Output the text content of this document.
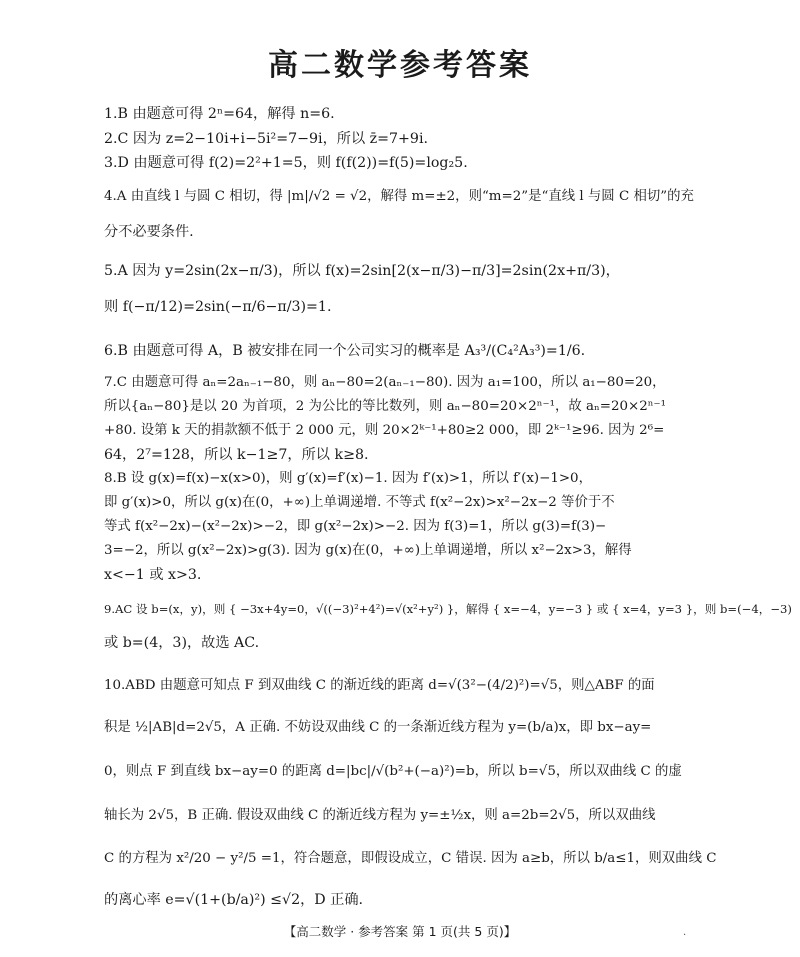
高二数学参考答案
1.B 由题意可得 2ⁿ=64，解得 n=6.
2.C 因为 z=2−10i+i−5i²=7−9i，所以 z̄=7+9i.
3.D 由题意可得 f(2)=2²+1=5，则 f(f(2))=f(5)=log₂5.
4.A 由直线 l 与圆 C 相切，得 |m|/√2 = √2，解得 m=±2，则“m=2”是“直线 l 与圆 C 相切”的充
分不必要条件.
5.A 因为 y=2sin(2x−π/3)，所以 f(x)=2sin[2(x−π/3)−π/3]=2sin(2x+π/3)，
则 f(−π/12)=2sin(−π/6−π/3)=1.
6.B 由题意可得 A，B 被安排在同一个公司实习的概率是 A₃³/(C₄²A₃³)=1/6.
7.C 由题意可得 aₙ=2aₙ₋₁−80，则 aₙ−80=2(aₙ₋₁−80). 因为 a₁=100，所以 a₁−80=20，
所以{aₙ−80}是以 20 为首项，2 为公比的等比数列，则 aₙ−80=20×2ⁿ⁻¹，故 aₙ=20×2ⁿ⁻¹
+80. 设第 k 天的捐款额不低于 2 000 元，则 20×2ᵏ⁻¹+80≥2 000，即 2ᵏ⁻¹≥96. 因为 2⁶=
64，2⁷=128，所以 k−1≥7，所以 k≥8.
8.B 设 g(x)=f(x)−x(x>0)，则 g′(x)=f′(x)−1. 因为 f′(x)>1，所以 f′(x)−1>0，
即 g′(x)>0，所以 g(x)在(0，+∞)上单调递增. 不等式 f(x²−2x)>x²−2x−2 等价于不
等式 f(x²−2x)−(x²−2x)>−2，即 g(x²−2x)>−2. 因为 f(3)=1，所以 g(3)=f(3)−
3=−2，所以 g(x²−2x)>g(3). 因为 g(x)在(0，+∞)上单调递增，所以 x²−2x>3，解得
x<−1 或 x>3.
9.AC 设 b=(x，y)，则 { −3x+4y=0，√((−3)²+4²)=√(x²+y²) }，解得 { x=−4，y=−3 } 或 { x=4，y=3 }，则 b=(−4，−3)
或 b=(4，3)，故选 AC.
10.ABD 由题意可知点 F 到双曲线 C 的渐近线的距离 d=√(3²−(4/2)²)=√5，则△ABF 的面
积是 ½|AB|d=2√5，A 正确. 不妨设双曲线 C 的一条渐近线方程为 y=(b/a)x，即 bx−ay=
0，则点 F 到直线 bx−ay=0 的距离 d=|bc|/√(b²+(−a)²)=b，所以 b=√5，所以双曲线 C 的虚
轴长为 2√5，B 正确. 假设双曲线 C 的渐近线方程为 y=±½x，则 a=2b=2√5，所以双曲线
C 的方程为 x²/20 − y²/5 =1，符合题意，即假设成立，C 错误. 因为 a≥b，所以 b/a≤1，则双曲线 C
的离心率 e=√(1+(b/a)²) ≤√2，D 正确.
【高二数学 · 参考答案 第 1 页(共 5 页)】	·
